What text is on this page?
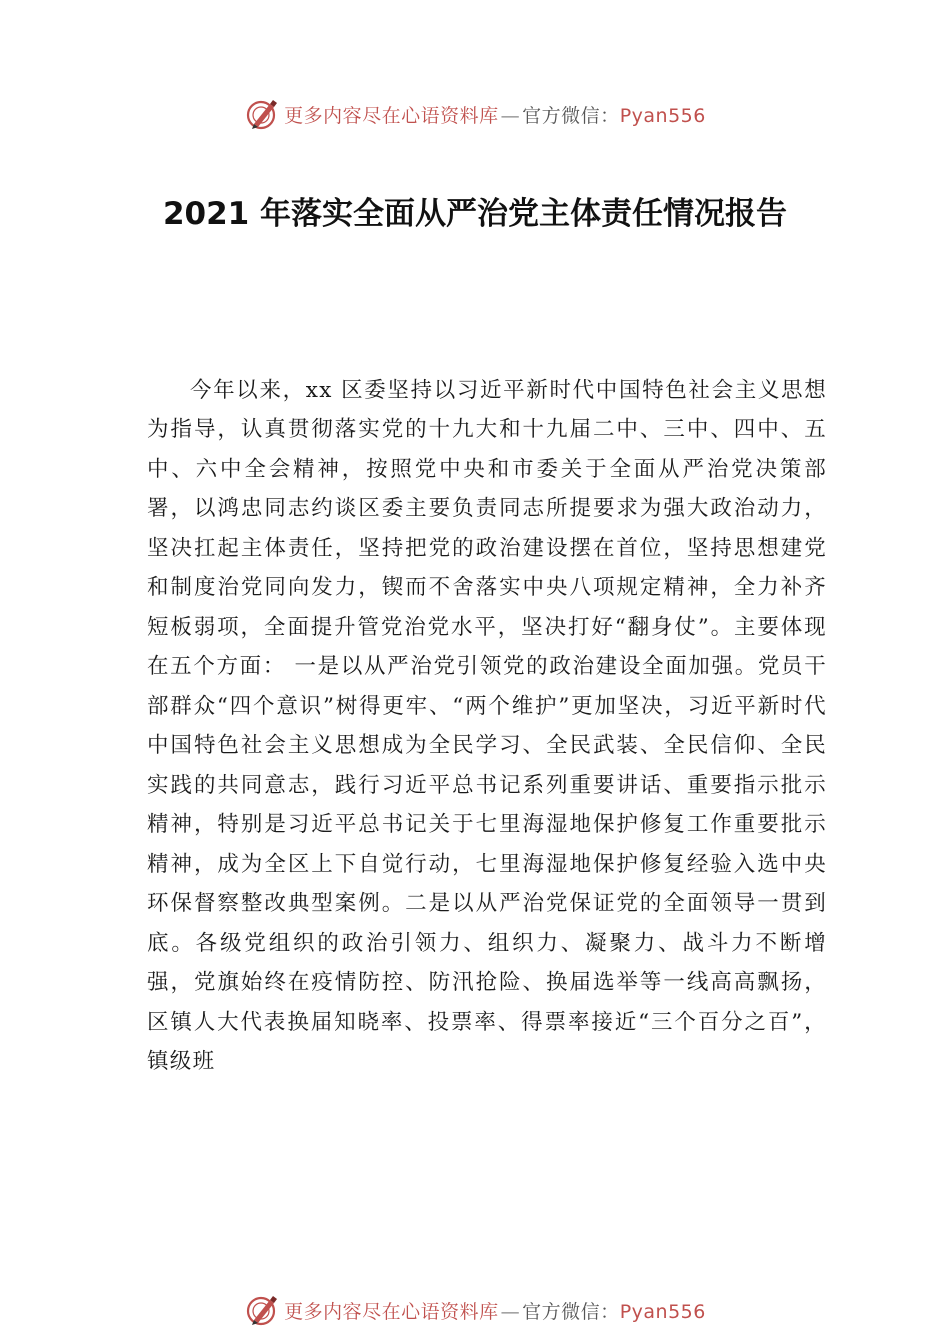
更多内容尽在心语资料库 — 官方微信：Pyan556
2021 年落实全面从严治党主体责任情况报告

今年以来，xx 区委坚持以习近平新时代中国特色社会主义思想为指导，认真贯彻落实党的十九大和十九届二中、三中、四中、五中、六中全会精神，按照党中央和市委关于全面从严治党决策部署，以鸿忠同志约谈区委主要负责同志所提要求为强大政治动力，坚决扛起主体责任，坚持把党的政治建设摆在首位，坚持思想建党和制度治党同向发力，锲而不舍落实中央八项规定精神，全力补齐短板弱项，全面提升管党治党水平，坚决打好“翻身仗”。主要体现在五个方面： 一是以从严治党引领党的政治建设全面加强。党员干部群众“四个意识”树得更牢、“两个维护”更加坚决，习近平新时代中国特色社会主义思想成为全民学习、全民武装、全民信仰、全民实践的共同意志，践行习近平总书记系列重要讲话、重要指示批示精神，特别是习近平总书记关于七里海湿地保护修复工作重要批示精神，成为全区上下自觉行动，七里海湿地保护修复经验入选中央环保督察整改典型案例。二是以从严治党保证党的全面领导一贯到底。各级党组织的政治引领力、组织力、凝聚力、战斗力不断增强，党旗始终在疫情防控、防汛抢险、换届选举等一线高高飘扬，区镇人大代表换届知晓率、投票率、得票率接近“三个百分之百”，镇级班

更多内容尽在心语资料库 — 官方微信：Pyan556
